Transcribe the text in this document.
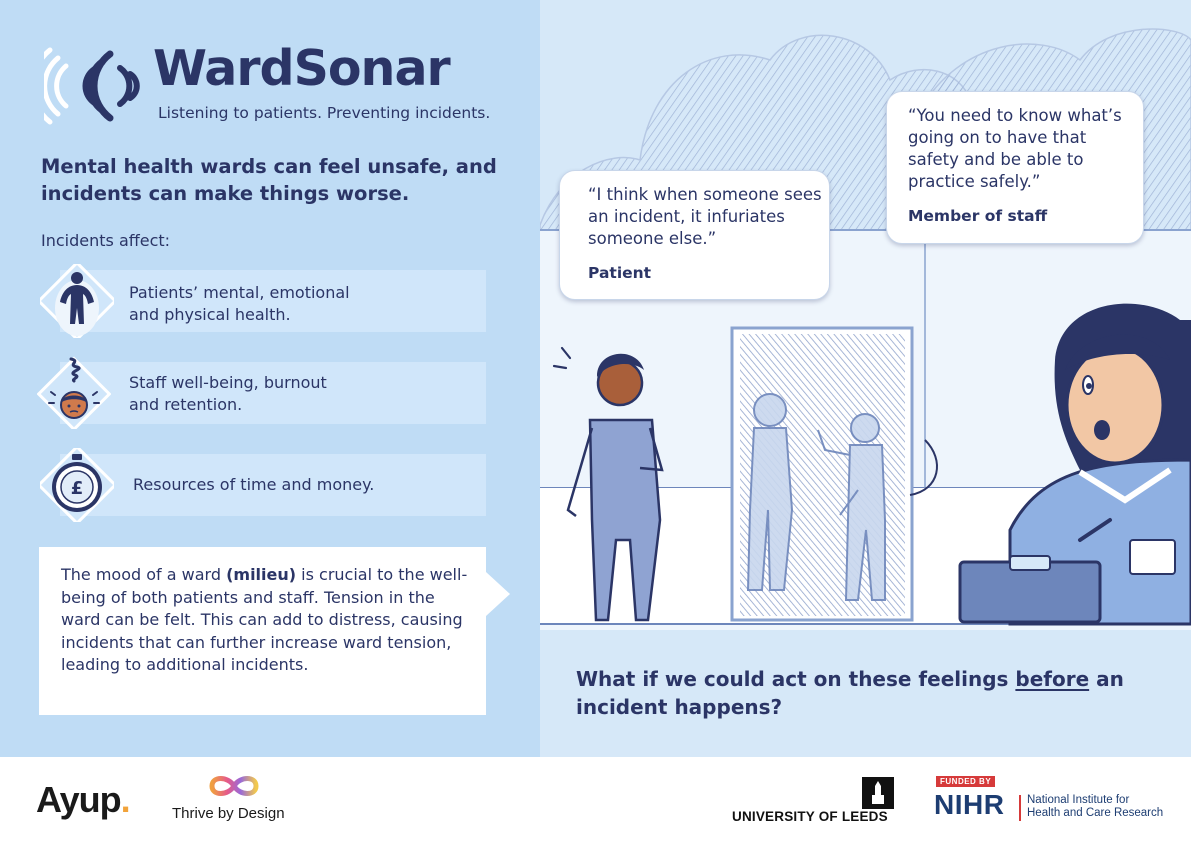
WardSonar
Listening to patients. Preventing incidents.
Mental health wards can feel unsafe, and incidents can make things worse.
Incidents affect:
Patients’ mental, emotional
and physical health.
Staff well-being, burnout
and retention.
Resources of time and money.
£
The mood of a ward (milieu) is crucial to the well-being of both patients and staff. Tension in the ward can be felt. This can add to distress, causing incidents that can further increase ward tension, leading to additional incidents.
“I think when someone sees an incident, it infuriates someone else.”
Patient
“You need to know what’s going on to have that safety and be able to practice safely.”
Member of staff
What if we could act on these feelings before an incident happens?
Ayup.	Thrive by Design	UNIVERSITY OF LEEDS
FUNDED BY
NIHR National Institute for
Health and Care Research
